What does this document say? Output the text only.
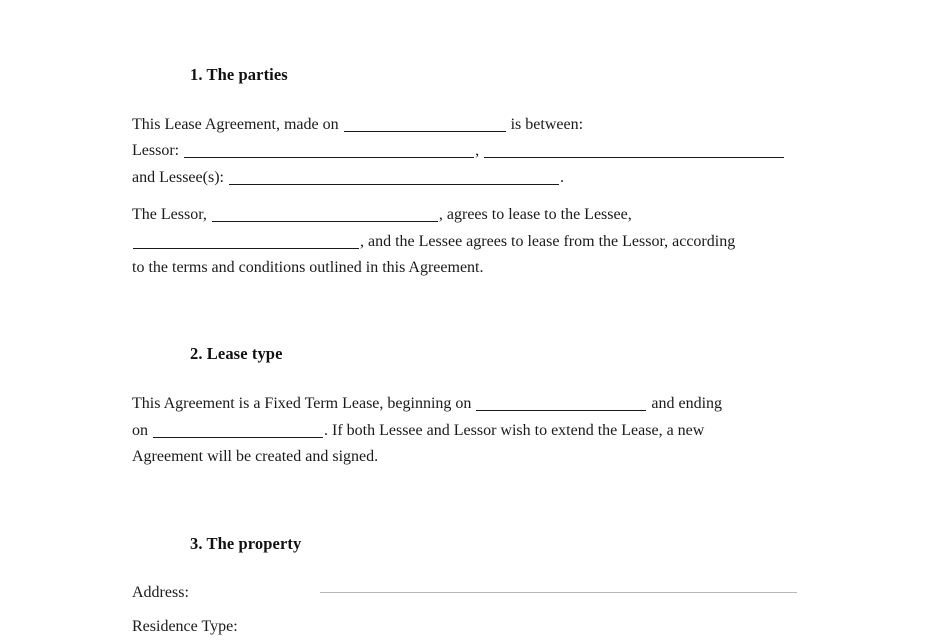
1. The parties

This Lease Agreement, made on	is between:
Lessor:	,
and Lessee(s):	.

The Lessor,	, agrees to lease to the Lessee,
, and the Lessee agrees to lease from the Lessor, according
to the terms and conditions outlined in this Agreement.

2. Lease type

This Agreement is a Fixed Term Lease, beginning on	and ending
on	. If both Lessee and Lessor wish to extend the Lease, a new
Agreement will be created and signed.

3. The property
Address:
Residence Type:
